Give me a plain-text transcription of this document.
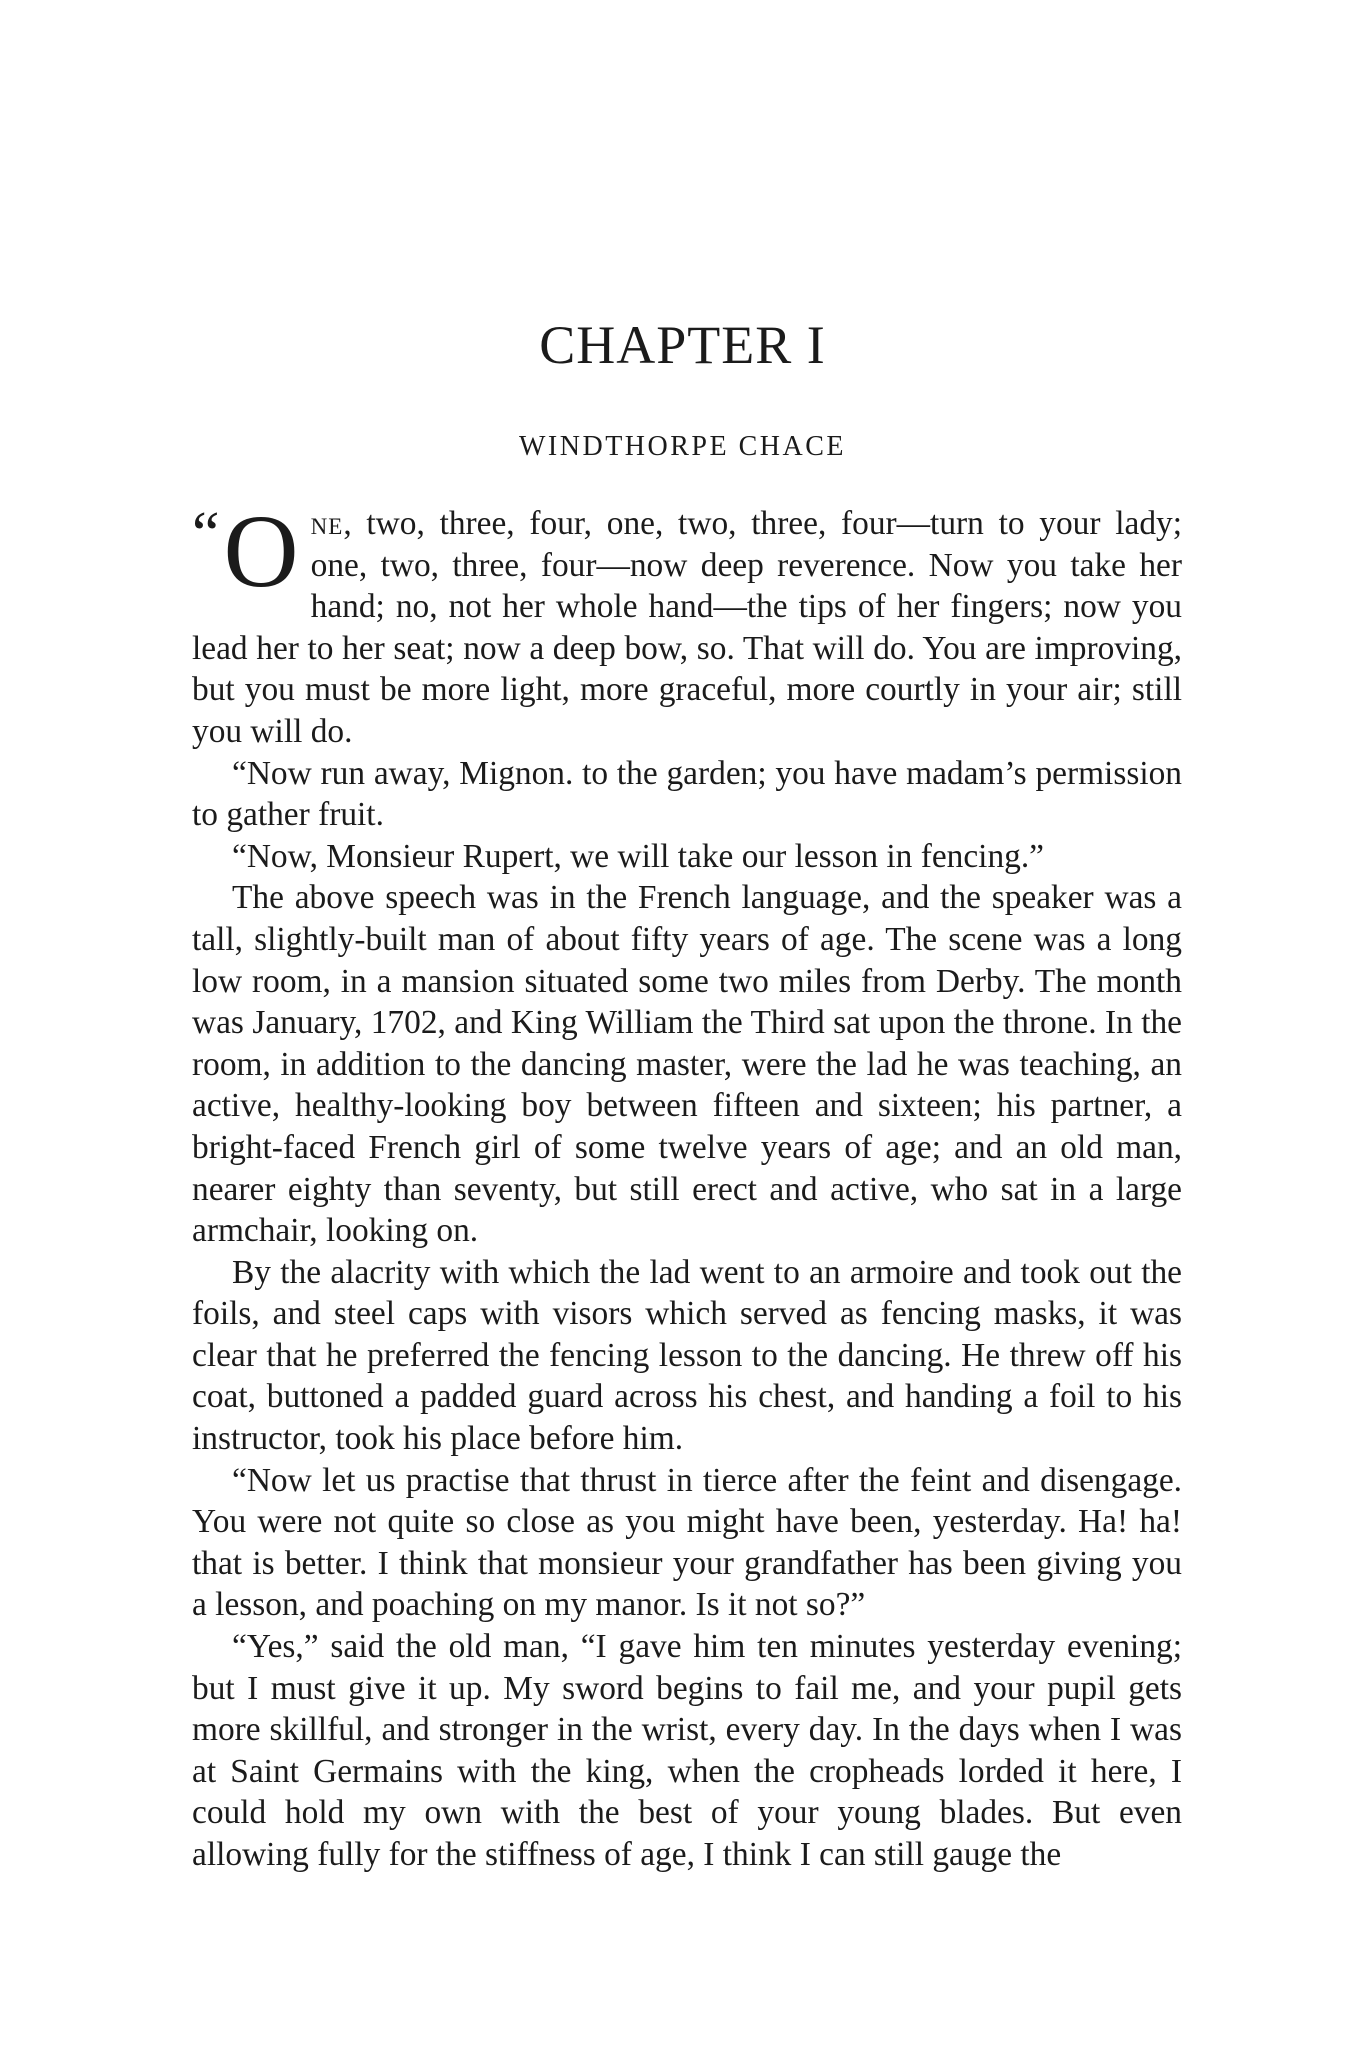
CHAPTER I
WINDTHORPE CHACE

“ O ne, two, three, four, one, two, three, four—turn to your lady; one, two, three, four—now deep reverence. Now you take her hand; no, not her whole hand—the tips of her fingers; now you lead her to her seat; now a deep bow, so. That will do. You are improving, but you must be more light, more graceful, more courtly in your air; still you will do.

“Now run away, Mignon. to the garden; you have madam’s permission to gather fruit.

“Now, Monsieur Rupert, we will take our lesson in fencing.”

The above speech was in the French language, and the speaker was a tall, slightly-built man of about fifty years of age. The scene was a long low room, in a mansion situated some two miles from Derby. The month was January, 1702, and King William the Third sat upon the throne. In the room, in addition to the dancing master, were the lad he was teaching, an active, healthy-looking boy between fifteen and sixteen; his partner, a bright-faced French girl of some twelve years of age; and an old man, nearer eighty than seventy, but still erect and active, who sat in a large armchair, looking on.

By the alacrity with which the lad went to an armoire and took out the foils, and steel caps with visors which served as fencing masks, it was clear that he preferred the fencing lesson to the dancing. He threw off his coat, buttoned a padded guard across his chest, and handing a foil to his instructor, took his place before him.

“Now let us practise that thrust in tierce after the feint and disengage. You were not quite so close as you might have been, yesterday. Ha! ha! that is better. I think that monsieur your grandfather has been giving you a lesson, and poaching on my manor. Is it not so?”

“Yes,” said the old man, “I gave him ten minutes yesterday evening; but I must give it up. My sword begins to fail me, and your pupil gets more skillful, and stronger in the wrist, every day. In the days when I was at Saint Germains with the king, when the cropheads lorded it here, I could hold my own with the best of your young blades. But even allowing fully for the stiffness of age, I think I can still gauge the
